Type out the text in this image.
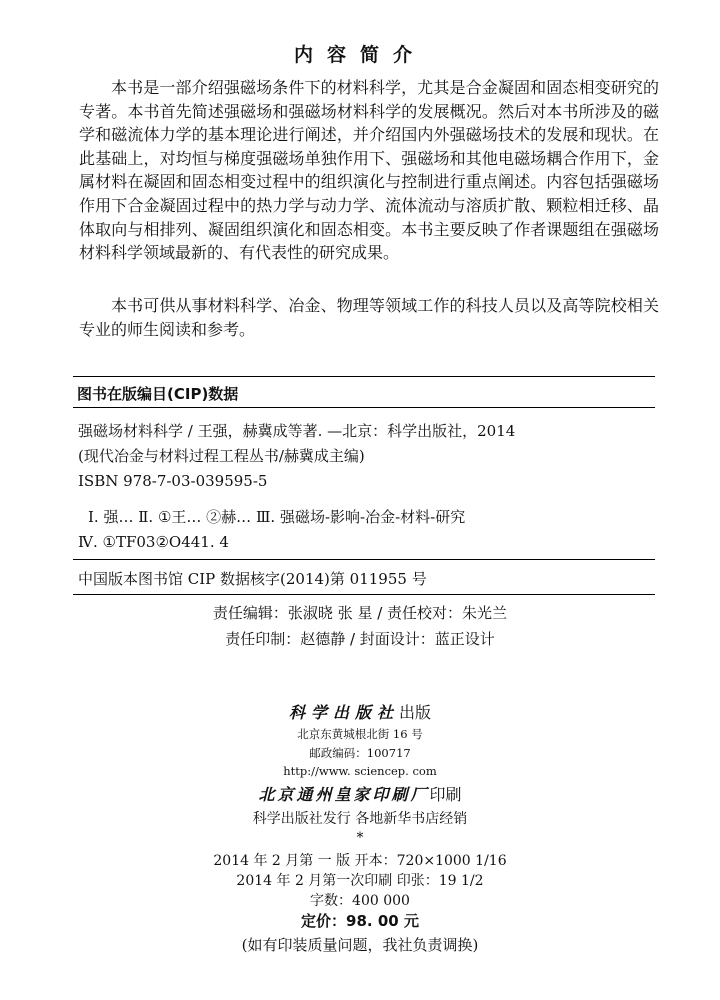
内容简介
本书是一部介绍强磁场条件下的材料科学，尤其是合金凝固和固态相变研究的专著。本书首先简述强磁场和强磁场材料科学的发展概况。然后对本书所涉及的磁学和磁流体力学的基本理论进行阐述，并介绍国内外强磁场技术的发展和现状。在此基础上，对均恒与梯度强磁场单独作用下、强磁场和其他电磁场耦合作用下，金属材料在凝固和固态相变过程中的组织演化与控制进行重点阐述。内容包括强磁场作用下合金凝固过程中的热力学与动力学、流体流动与溶质扩散、颗粒相迁移、晶体取向与相排列、凝固组织演化和固态相变。本书主要反映了作者课题组在强磁场材料科学领域最新的、有代表性的研究成果。
本书可供从事材料科学、冶金、物理等领域工作的科技人员以及高等院校相关专业的师生阅读和参考。
图书在版编目(CIP)数据
强磁场材料科学 / 王强，赫冀成等著. —北京：科学出版社，2014
(现代冶金与材料过程工程丛书/赫冀成主编)
ISBN 978-7-03-039595-5
Ⅰ. 强… Ⅱ. ①王… ②赫… Ⅲ. 强磁场-影响-冶金-材料-研究
Ⅳ. ①TF03②O441. 4
中国版本图书馆 CIP 数据核字(2014)第 011955 号
责任编辑：张淑晓 张 星 / 责任校对：朱光兰
责任印制：赵德静 / 封面设计：蓝正设计
科学出版社出版
北京东黄城根北街 16 号
邮政编码：100717
http://www. sciencep. com
北京通州皇家印刷厂印刷
科学出版社发行 各地新华书店经销
*
2014 年 2 月第 一 版 开本：720×1000 1/16
2014 年 2 月第一次印刷 印张：19 1/2
字数：400 000
定价：98. 00 元
(如有印装质量问题，我社负责调换)
